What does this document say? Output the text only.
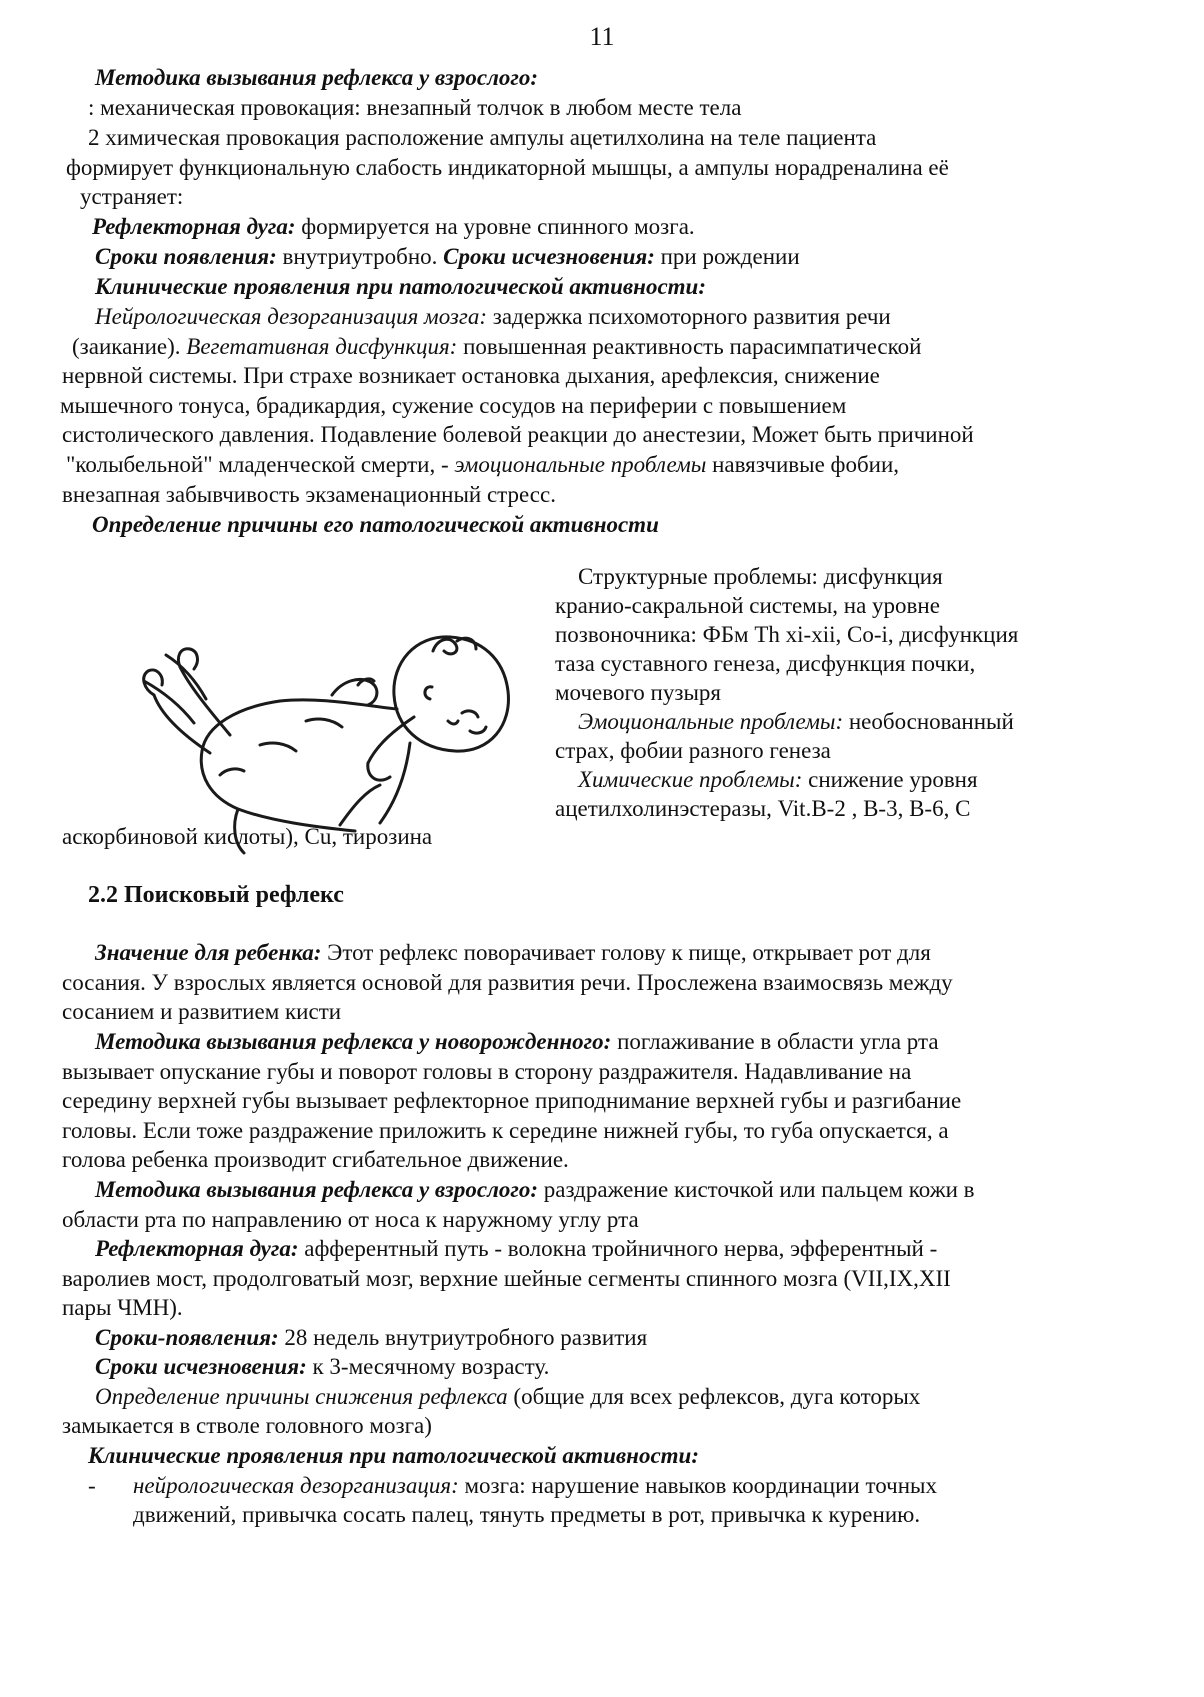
11
Методика вызывания рефлекса у взрослого:
: механическая провокация: внезапный толчок в любом месте тела
2 химическая провокация расположение ампулы ацетилхолина на теле пациента
формирует функциональную слабость индикаторной мышцы, а ампулы норадреналина её
устраняет:
Рефлекторная дуга: формируется на уровне спинного мозга.
Сроки появления: внутриутробно. Сроки исчезновения: при рождении
Клинические проявления при патологической активности:
Нейрологическая дезорганизация мозга: задержка психомоторного развития речи
(заикание). Вегетативная дисфункция: повышенная реактивность парасимпатической
нервной системы. При страхе возникает остановка дыхания, арефлексия, снижение
мышечного тонуса, брадикардия, сужение сосудов на периферии с повышением
систолического давления. Подавление болевой реакции до анестезии, Может быть причиной
"колыбельной" младенческой смерти, - эмоциональные проблемы навязчивые фобии,
внезапная забывчивость экзаменационный стресс.
Определение причины его патологической активности
Структурные проблемы: дисфункция
кранио-сакральной системы, на уровне
позвоночника: ФБм Th xi-xii, Co-i, дисфункция
таза суставного генеза, дисфункция почки,
мочевого пузыря
Эмоциональные проблемы: необоснованный
страх, фобии разного генеза
Химические проблемы: снижение уровня
ацетилхолинэстеразы, Vit.B-2 , B-3, B-6, C
аскорбиновой кислоты), Cu, тирозина
2.2 Поисковый рефлекс
Значение для ребенка: Этот рефлекс поворачивает голову к пище, открывает рот для
сосания. У взрослых является основой для развития речи. Прослежена взаимосвязь между
сосанием и развитием кисти
Методика вызывания рефлекса у новорожденного: поглаживание в области угла рта
вызывает опускание губы и поворот головы в сторону раздражителя. Надавливание на
середину верхней губы вызывает рефлекторное приподнимание верхней губы и разгибание
головы. Если тоже раздражение приложить к середине нижней губы, то губа опускается, а
голова ребенка производит сгибательное движение.
Методика вызывания рефлекса у взрослого: раздражение кисточкой или пальцем кожи в
области рта по направлению от носа к наружному углу рта
Рефлекторная дуга: афферентный путь - волокна тройничного нерва, эфферентный -
варолиев мост, продолговатый мозг, верхние шейные сегменты спинного мозга (VII,IX,XII
пары ЧМН).
Сроки-появления: 28 недель внутриутробного развития
Сроки исчезновения: к 3-месячному возрасту.
Определение причины снижения рефлекса (общие для всех рефлексов, дуга которых
замыкается в стволе головного мозга)
Клинические проявления при патологической активности:
- нейрологическая дезорганизация: мозга: нарушение навыков координации точных
движений, привычка сосать палец, тянуть предметы в рот, привычка к курению.
